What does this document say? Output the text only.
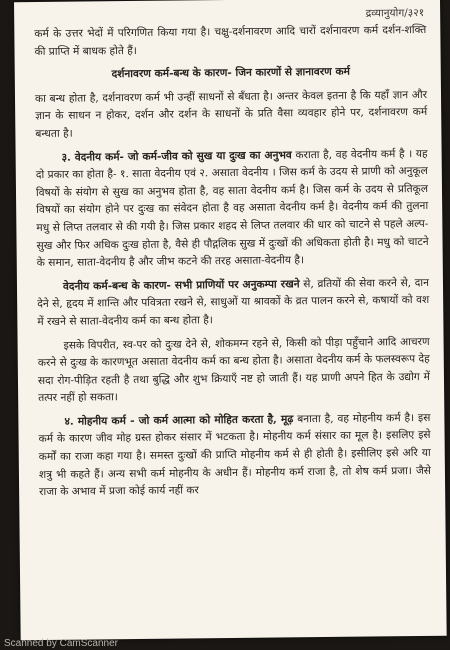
द्रव्यानुयोग/३२१

कर्म के उत्तर भेदों में परिगणित किया गया है। चक्षु-दर्शनावरण आदि चारों दर्शनावरण कर्म दर्शन-शक्ति की प्राप्ति में बाधक होते हैं।

दर्शनावरण कर्म-बन्ध के कारण- जिन कारणों से ज्ञानावरण कर्म

का बन्ध होता है, दर्शनावरण कर्म भी उन्हीं साधनों से बँधता है। अन्तर केवल इतना है कि यहाँ ज्ञान और ज्ञान के साधन न होकर, दर्शन और दर्शन के साधनों के प्रति वैसा व्यवहार होने पर, दर्शनावरण कर्म बन्धता है।

३. वेदनीय कर्म- जो कर्म-जीव को सुख या दुःख का अनुभव कराता है, वह वेदनीय कर्म है । यह दो प्रकार का होता है- १. साता वेदनीय एवं २. असाता वेदनीय । जिस कर्म के उदय से प्राणी को अनुकूल विषयों के संयोग से सुख का अनुभव होता है, वह साता वेदनीय कर्म है। जिस कर्म के उदय से प्रतिकूल विषयों का संयोग होने पर दुःख का संवेदन होता है वह असाता वेदनीय कर्म है। वेदनीय कर्म की तुलना मधु से लिप्त तलवार से की गयी है। जिस प्रकार शहद से लिप्त तलवार की धार को चाटने से पहले अल्प- सुख और फिर अधिक दुःख होता है, वैसे ही पौद्गलिक सुख में दुःखों की अधिकता होती है। मधु को चाटने के समान, साता-वेदनीय है और जीभ कटने की तरह असाता-वेदनीय है।

वेदनीय कर्म-बन्ध के कारण- सभी प्राणियों पर अनुकम्पा रखने से, व्रतियों की सेवा करने से, दान देने से, हृदय में शान्ति और पवित्रता रखने से, साधुओं या श्रावकों के व्रत पालन करने से, कषायों को वश में रखने से साता-वेदनीय कर्म का बन्ध होता है।

इसके विपरीत, स्व-पर को दुःख देने से, शोकमग्न रहने से, किसी को पीड़ा पहुँचाने आदि आचरण करने से दुःख के कारणभूत असाता वेदनीय कर्म का बन्ध होता है। असाता वेदनीय कर्म के फलस्वरूप देह सदा रोग-पीड़ित रहती है तथा बुद्धि और शुभ क्रियाएँ नष्ट हो जाती हैं। यह प्राणी अपने हित के उद्योग में तत्पर नहीं हो सकता।

४. मोहनीय कर्म - जो कर्म आत्मा को मोहित करता है, मूढ़ बनाता है, वह मोहनीय कर्म है। इस कर्म के कारण जीव मोह ग्रस्त होकर संसार में भटकता है। मोहनीय कर्म संसार का मूल है। इसलिए इसे कर्मों का राजा कहा गया है। समस्त दुःखों की प्राप्ति मोहनीय कर्म से ही होती है। इसीलिए इसे अरि या शत्रु भी कहते हैं। अन्य सभी कर्म मोहनीय के अधीन हैं। मोहनीय कर्म राजा है, तो शेष कर्म प्रजा। जैसे राजा के अभाव में प्रजा कोई कार्य नहीं कर

Scanned by CamScanner
